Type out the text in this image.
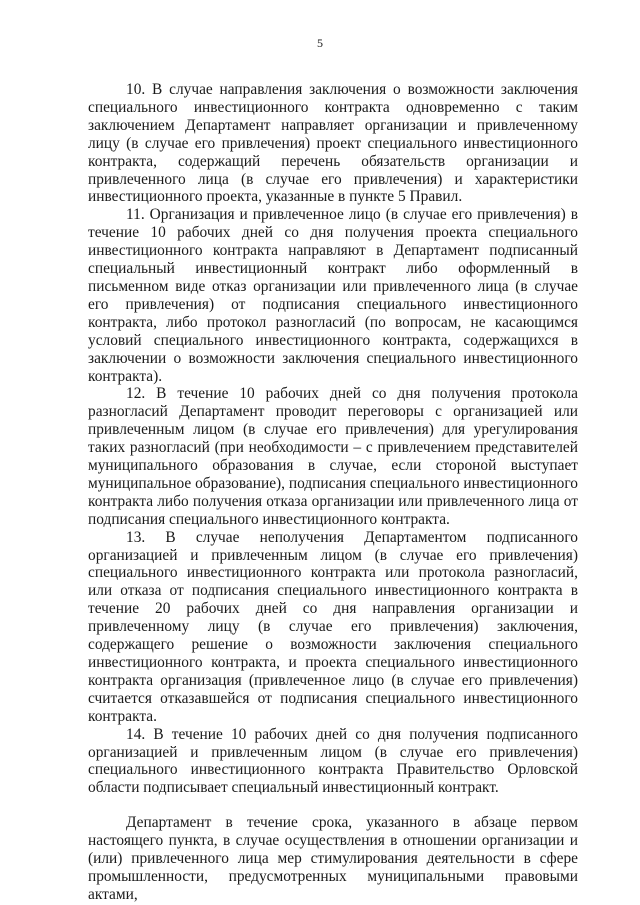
5

10. В случае направления заключения о возможности заключения специального инвестиционного контракта одновременно с таким заключением Департамент направляет организации и привлеченному лицу (в случае его привлечения) проект специального инвестиционного контракта, содержащий перечень обязательств организации и привлеченного лица (в случае его привлечения) и характеристики инвестиционного проекта, указанные в пункте 5 Правил.

11. Организация и привлеченное лицо (в случае его привлечения) в течение 10 рабочих дней со дня получения проекта специального инвестиционного контракта направляют в Департамент подписанный специальный инвестиционный контракт либо оформленный в письменном виде отказ организации или привлеченного лица (в случае его привлечения) от подписания специального инвестиционного контракта, либо протокол разногласий (по вопросам, не касающимся условий специального инвестиционного контракта, содержащихся в заключении о возможности заключения специального инвестиционного контракта).

12. В течение 10 рабочих дней со дня получения протокола разногласий Департамент проводит переговоры с организацией или привлеченным лицом (в случае его привлечения) для урегулирования таких разногласий (при необходимости – с привлечением представителей муниципального образования в случае, если стороной выступает муниципальное образование), подписания специального инвестиционного контракта либо получения отказа организации или привлеченного лица от подписания специального инвестиционного контракта.

13. В случае неполучения Департаментом подписанного организацией и привлеченным лицом (в случае его привлечения) специального инвестиционного контракта или протокола разногласий, или отказа от подписания специального инвестиционного контракта в течение 20 рабочих дней со дня направления организации и привлеченному лицу (в случае его привлечения) заключения, содержащего решение о возможности заключения специального инвестиционного контракта, и проекта специального инвестиционного контракта организация (привлеченное лицо (в случае его привлечения) считается отказавшейся от подписания специального инвестиционного контракта.

14. В течение 10 рабочих дней со дня получения подписанного организацией и привлеченным лицом (в случае его привлечения) специального инвестиционного контракта Правительство Орловской области подписывает специальный инвестиционный контракт.

Департамент в течение срока, указанного в абзаце первом настоящего пункта, в случае осуществления в отношении организации и (или) привлеченного лица мер стимулирования деятельности в сфере промышленности, предусмотренных муниципальными правовыми актами,
